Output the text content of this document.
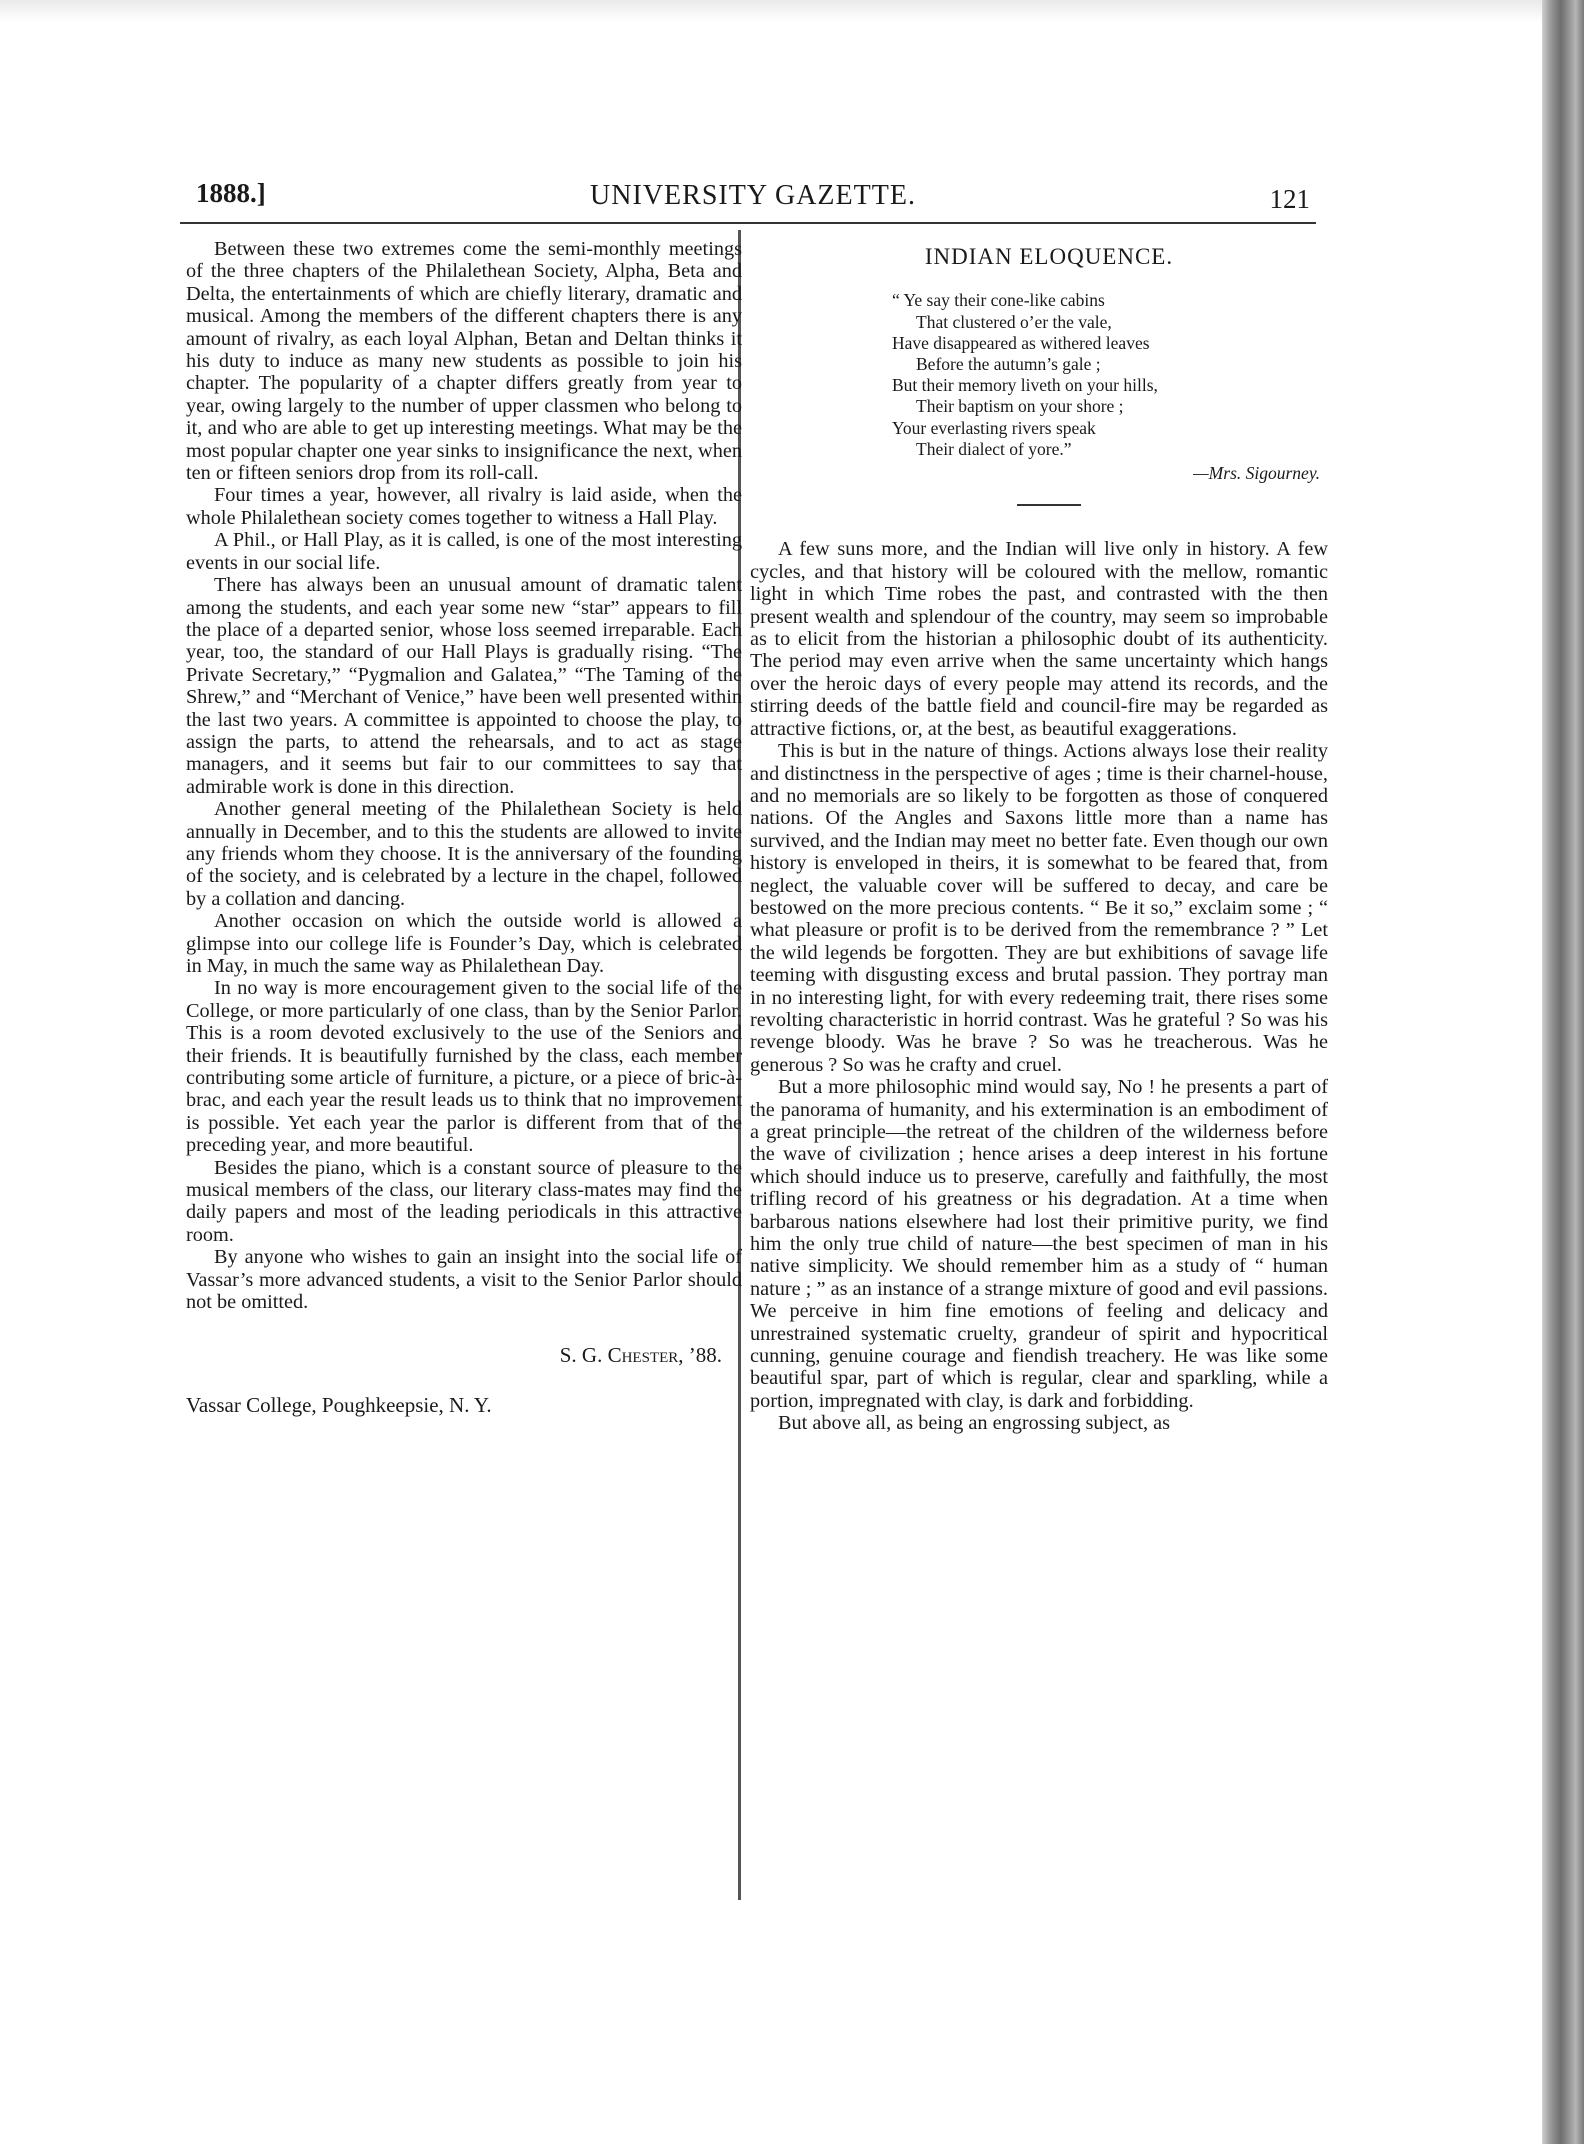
1888.]	UNIVERSITY GAZETTE.	121

Between these two extremes come the semi-monthly meetings of the three chapters of the Philalethean Society, Alpha, Beta and Delta, the entertainments of which are chiefly literary, dramatic and musical. Among the members of the different chapters there is any amount of rivalry, as each loyal Alphan, Betan and Deltan thinks it his duty to induce as many new students as possible to join his chapter. The popularity of a chapter differs greatly from year to year, owing largely to the number of upper classmen who belong to it, and who are able to get up interesting meetings. What may be the most popular chapter one year sinks to insignificance the next, when ten or fifteen seniors drop from its roll-call.

Four times a year, however, all rivalry is laid aside, when the whole Philalethean society comes together to witness a Hall Play.

A Phil., or Hall Play, as it is called, is one of the most interesting events in our social life.

There has always been an unusual amount of dramatic talent among the students, and each year some new “star” appears to fill the place of a departed senior, whose loss seemed irreparable. Each year, too, the standard of our Hall Plays is gradually rising. “The Private Secretary,” “Pygmalion and Galatea,” “The Taming of the Shrew,” and “Merchant of Venice,” have been well presented within the last two years. A committee is appointed to choose the play, to assign the parts, to attend the rehearsals, and to act as stage managers, and it seems but fair to our committees to say that admirable work is done in this direction.

Another general meeting of the Philalethean Society is held annually in December, and to this the students are allowed to invite any friends whom they choose. It is the anniversary of the founding of the society, and is celebrated by a lecture in the chapel, followed by a collation and dancing.

Another occasion on which the outside world is allowed a glimpse into our college life is Founder’s Day, which is celebrated in May, in much the same way as Philalethean Day.

In no way is more encouragement given to the social life of the College, or more particularly of one class, than by the Senior Parlor. This is a room devoted exclusively to the use of the Seniors and their friends. It is beautifully furnished by the class, each member contributing some article of furniture, a picture, or a piece of bric-à-brac, and each year the result leads us to think that no improvement is possible. Yet each year the parlor is different from that of the preceding year, and more beautiful.

Besides the piano, which is a constant source of pleasure to the musical members of the class, our literary class-mates may find the daily papers and most of the leading periodicals in this attractive room.

By anyone who wishes to gain an insight into the social life of Vassar’s more advanced students, a visit to the Senior Parlor should not be omitted.

S. G. Chester, ’88.
Vassar College, Poughkeepsie, N. Y.
INDIAN ELOQUENCE.
“ Ye say their cone-like cabins
That clustered o’er the vale,
Have disappeared as withered leaves
Before the autumn’s gale ;
But their memory liveth on your hills,
Their baptism on your shore ;
Your everlasting rivers speak
Their dialect of yore.”
—Mrs. Sigourney.

A few suns more, and the Indian will live only in history. A few cycles, and that history will be coloured with the mellow, romantic light in which Time robes the past, and contrasted with the then present wealth and splendour of the country, may seem so improbable as to elicit from the historian a philosophic doubt of its authenticity. The period may even arrive when the same uncertainty which hangs over the heroic days of every people may attend its records, and the stirring deeds of the battle field and council-fire may be regarded as attractive fictions, or, at the best, as beautiful exaggerations.

This is but in the nature of things. Actions always lose their reality and distinctness in the perspective of ages ; time is their charnel-house, and no memorials are so likely to be forgotten as those of conquered nations. Of the Angles and Saxons little more than a name has survived, and the Indian may meet no better fate. Even though our own history is enveloped in theirs, it is somewhat to be feared that, from neglect, the valuable cover will be suffered to decay, and care be bestowed on the more precious contents. “ Be it so,” exclaim some ; “ what pleasure or profit is to be derived from the remembrance ? ” Let the wild legends be forgotten. They are but exhibitions of savage life teeming with disgusting excess and brutal passion. They portray man in no interesting light, for with every redeeming trait, there rises some revolting characteristic in horrid contrast. Was he grateful ? So was his revenge bloody. Was he brave ? So was he treacherous. Was he generous ? So was he crafty and cruel.

But a more philosophic mind would say, No ! he presents a part of the panorama of humanity, and his extermination is an embodiment of a great principle—the retreat of the children of the wilderness before the wave of civilization ; hence arises a deep interest in his fortune which should induce us to preserve, carefully and faithfully, the most trifling record of his greatness or his degradation. At a time when barbarous nations elsewhere had lost their primitive purity, we find him the only true child of nature—the best specimen of man in his native simplicity. We should remember him as a study of “ human nature ; ” as an instance of a strange mixture of good and evil passions. We perceive in him fine emotions of feeling and delicacy and unrestrained systematic cruelty, grandeur of spirit and hypocritical cunning, genuine courage and fiendish treachery. He was like some beautiful spar, part of which is regular, clear and sparkling, while a portion, impregnated with clay, is dark and forbidding.

But above all, as being an engrossing subject, as
